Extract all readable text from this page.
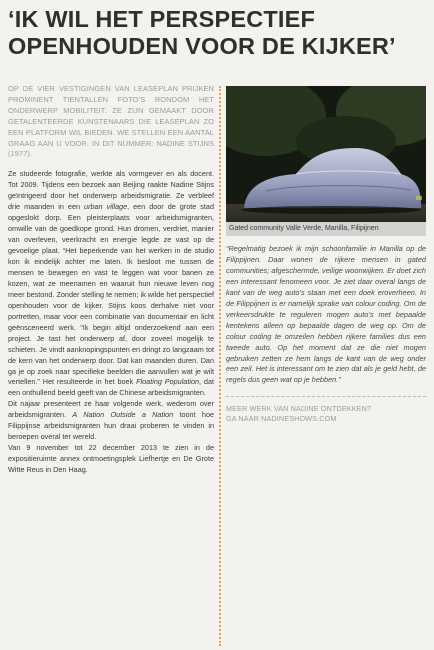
‘IK WIL HET PERSPECTIEF
OPENHOUDEN VOOR DE KIJKER’

OP DE VIER VESTIGINGEN VAN LEASEPLAN PRIJKEN PROMINENT TIENTALLEN FOTO’S RONDOM HET ONDERWERP MOBILITEIT. ZE ZIJN GEMAAKT DOOR GETALENTEERDE KUNSTENAARS DIE LEASEPLAN ZO EEN PLATFORM WIL BIEDEN. WE STELLEN EEN AANTAL GRAAG AAN U VOOR. IN DIT NUMMER: NADINE STIJNS (1977).

Ze studeerde fotografie, werkte als vormgever en als docent. Tot 2009. Tijdens een bezoek aan Beijing raakte Nadine Stijns geïntrigeerd door het onderwerp arbeidsmigratie. Ze verbleef drie maanden in een urban village, een door de grote stad opgeslokt dorp. Een pleisterplaats voor arbeidsmigranten, omwille van de goedkope grond. Hun dromen, verdriet, manier van overleven, veerkracht en energie legde ze vast op de gevoelige plaat. “Het beperkende van het werken in de studio kon ik eindelijk achter me laten. Ik besloot me tussen de mensen te bewegen en vast te leggen wat voor banen ze kozen, wat ze meenamen en waaruit hun nieuwe leven nog meer bestond. Zonder stelling te nemen; ik wilde het perspectief openhouden voor de kijker. Stijns koos derhalve niet voor portretten, maar voor een combinatie van documentair en licht geënsceneerd werk. “Ik begin altijd onderzoekend aan een project. Je tast het onderwerp af, door zoveel mogelijk te schieten. Je vindt aanknopingspunten en dringt zo langzaam tot de kern van het onderwerp door. Dat kan maanden duren. Dan ga je op zoek naar specifieke beelden die aanvullen wat je wilt vertellen.” Het resulteerde in het boek Floating Population, dat een onthullend beeld geeft van de Chinese arbeidsmigranten.

Dit najaar presenteert ze haar volgende werk, wederom over arbeidsmigranten. A Nation Outside a Nation toont hoe Filippijnse arbeidsmigranten hun draai proberen te vinden in beroepen overal ter wereld.

Van 9 november tot 22 december 2013 te zien in de expositieruimte annex ontmoetingsplek Liefhertje en De Grote Witte Reus in Den Haag.

Gated community Valle Verde, Manilla, Filipijnen

“Regelmatig bezoek ik mijn schoonfamilie in Manilla op de Filippijnen. Daar wonen de rijkere mensen in gated communities; afgeschermde, veilige woonwijken. Er doet zich een interessant fenomeen voor. Je ziet daar overal langs de kant van de weg auto’s staan met een doek eroverheen. In de Filippijnen is er namelijk sprake van colour coding. Om de verkeersdrukte te reguleren mogen auto’s met bepaalde kentekens alleen op bepaalde dagen de weg op. Om de colour coding te omzeilen hebben rijkere families dus een tweede auto. Op het moment dat ze die niet mogen gebruiken zetten ze hem langs de kant van de weg onder een zeil. Het is interessant om te zien dat als je geld hebt, de regels dus geen wat op je hebben.”

MEER WERK VAN NADINE ONTDEKKEN?
GA NAAR NADINESHOWS.COM
